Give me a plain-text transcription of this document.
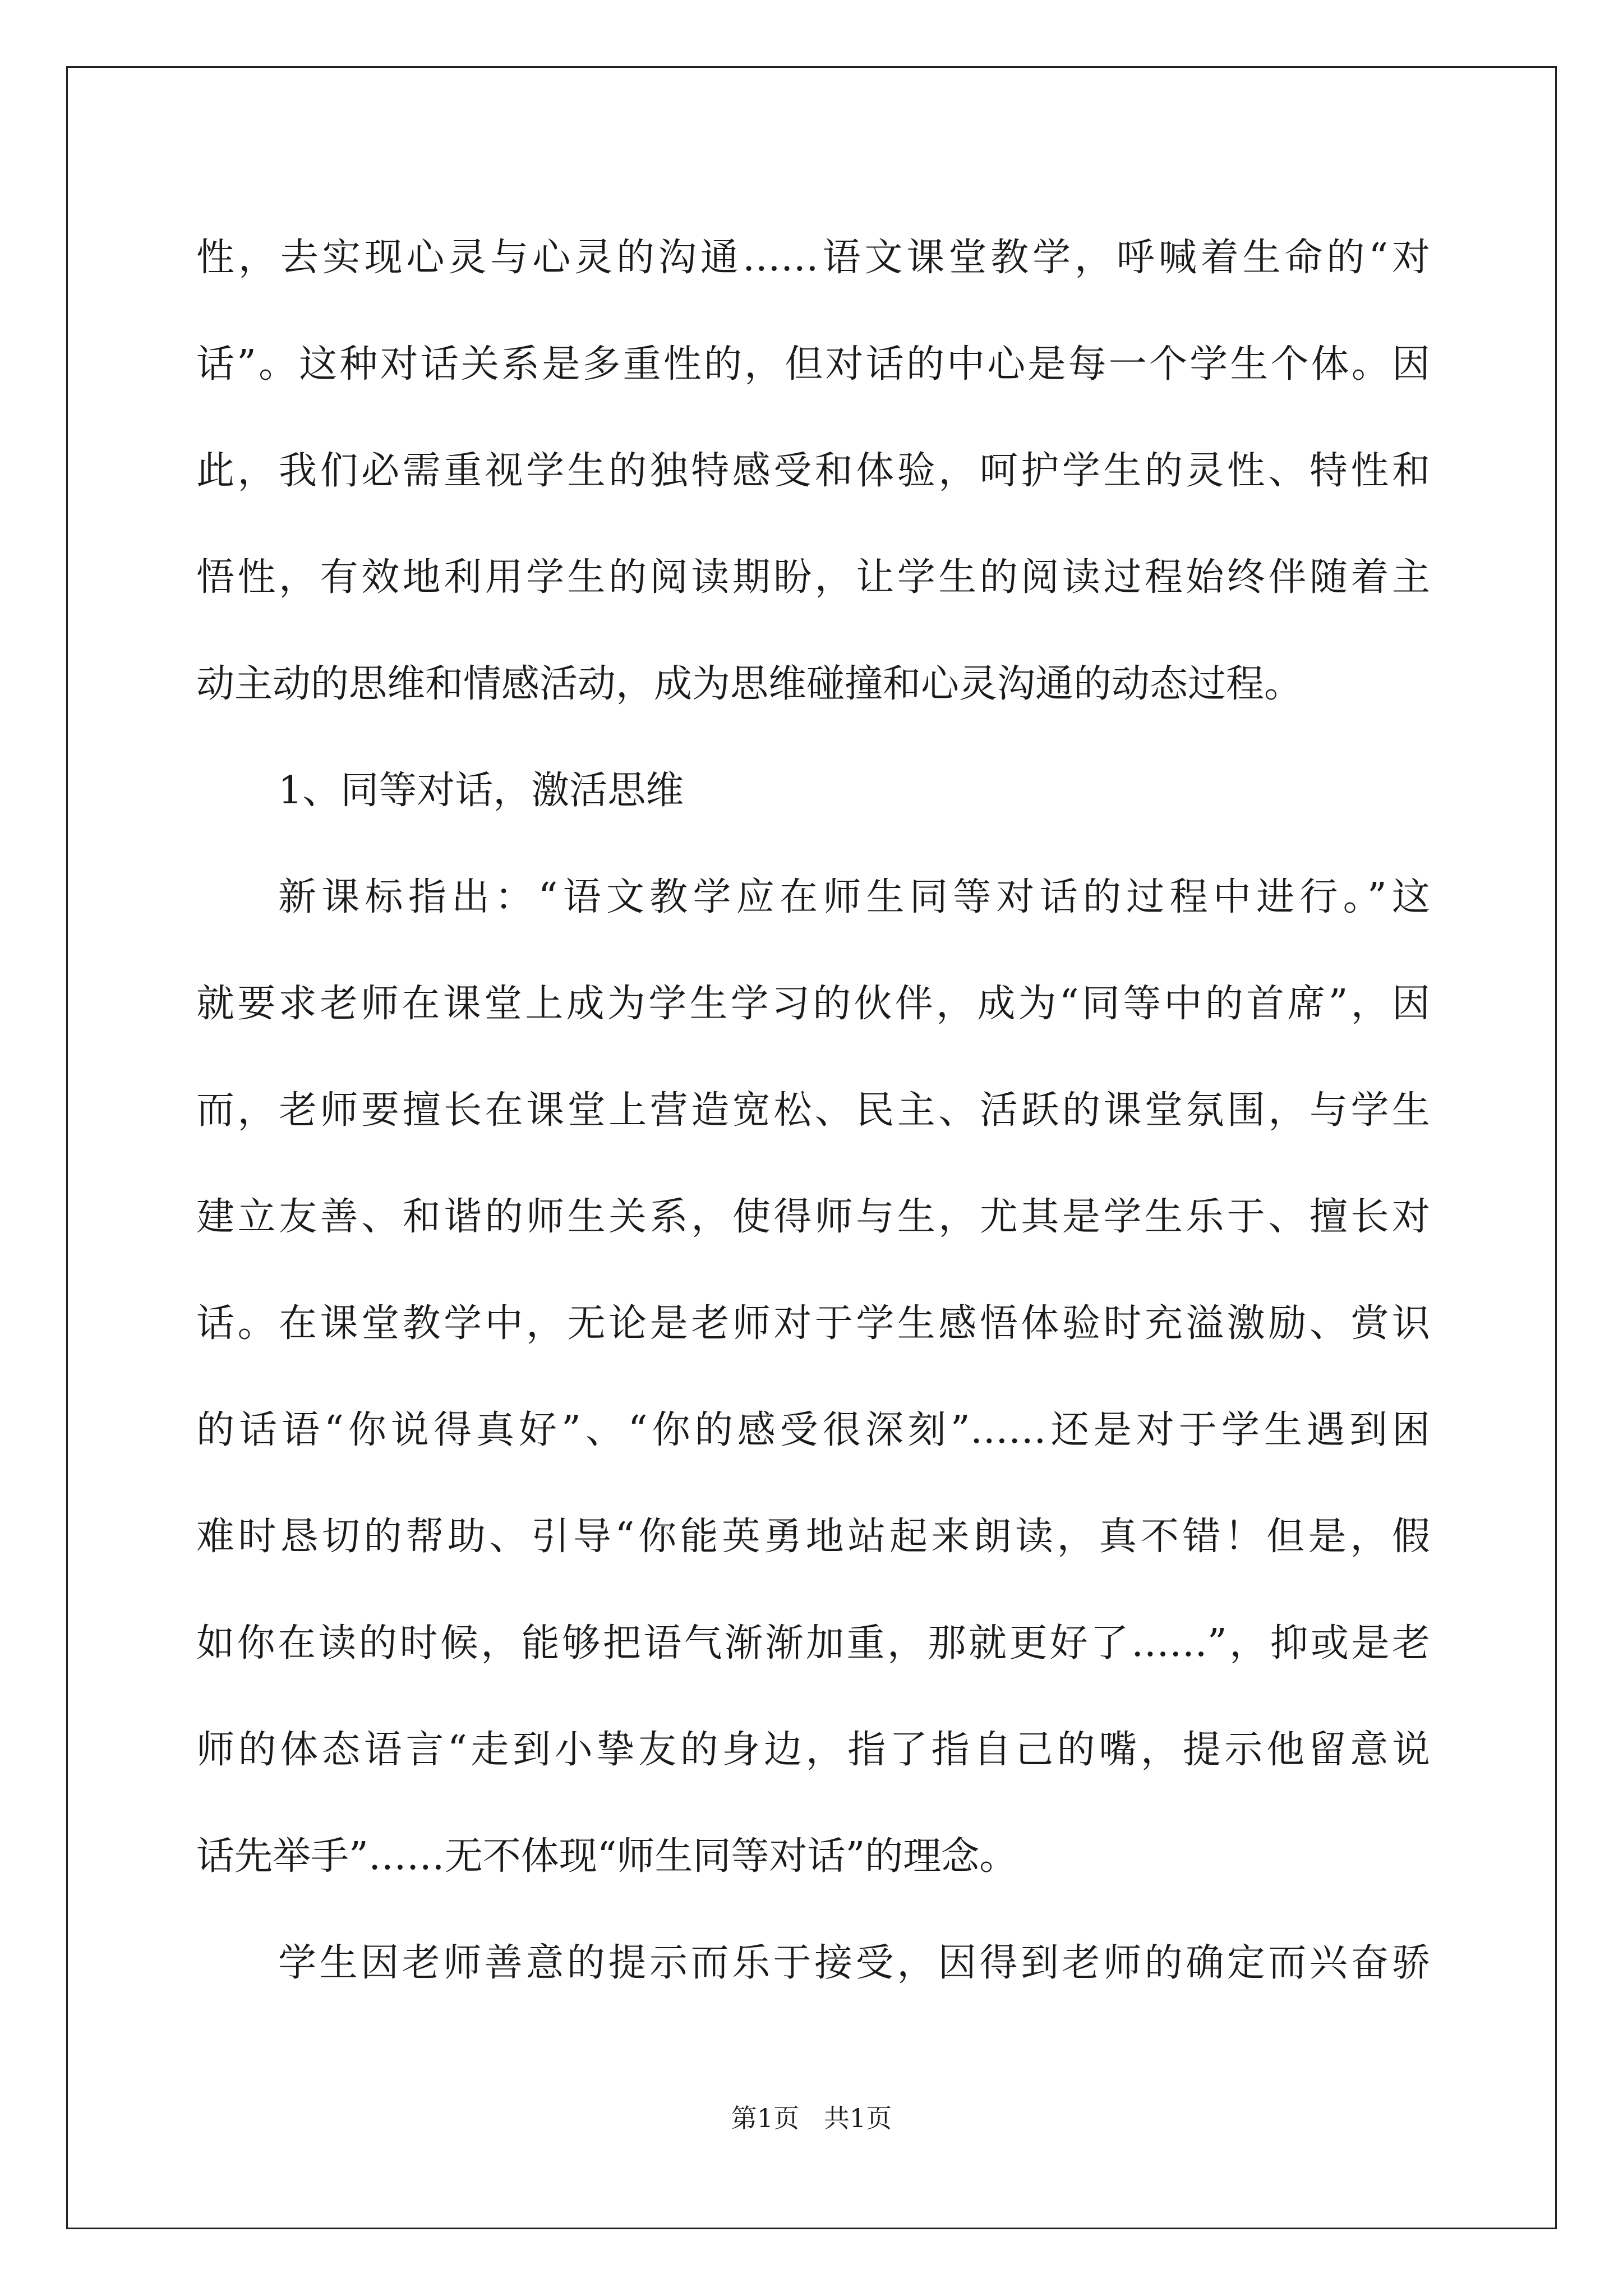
性，去实现心灵与心灵的沟通……语文课堂教学，呼喊着生命的“对
话”。这种对话关系是多重性的，但对话的中心是每一个学生个体。因
此，我们必需重视学生的独特感受和体验，呵护学生的灵性、特性和
悟性，有效地利用学生的阅读期盼，让学生的阅读过程始终伴随着主
动主动的思维和情感活动，成为思维碰撞和心灵沟通的动态过程。
1、同等对话，激活思维
新课标指出：“语文教学应在师生同等对话的过程中进行。”这
就要求老师在课堂上成为学生学习的伙伴，成为“同等中的首席”，因
而，老师要擅长在课堂上营造宽松、民主、活跃的课堂氛围，与学生
建立友善、和谐的师生关系，使得师与生，尤其是学生乐于、擅长对
话。在课堂教学中，无论是老师对于学生感悟体验时充溢激励、赏识
的话语“你说得真好”、“你的感受很深刻”……还是对于学生遇到困
难时恳切的帮助、引导“你能英勇地站起来朗读，真不错！但是，假
如你在读的时候，能够把语气渐渐加重，那就更好了……”，抑或是老
师的体态语言“走到小挚友的身边，指了指自己的嘴，提示他留意说
话先举手”……无不体现“师生同等对话”的理念。
学生因老师善意的提示而乐于接受，因得到老师的确定而兴奋骄
第1页   共1页
